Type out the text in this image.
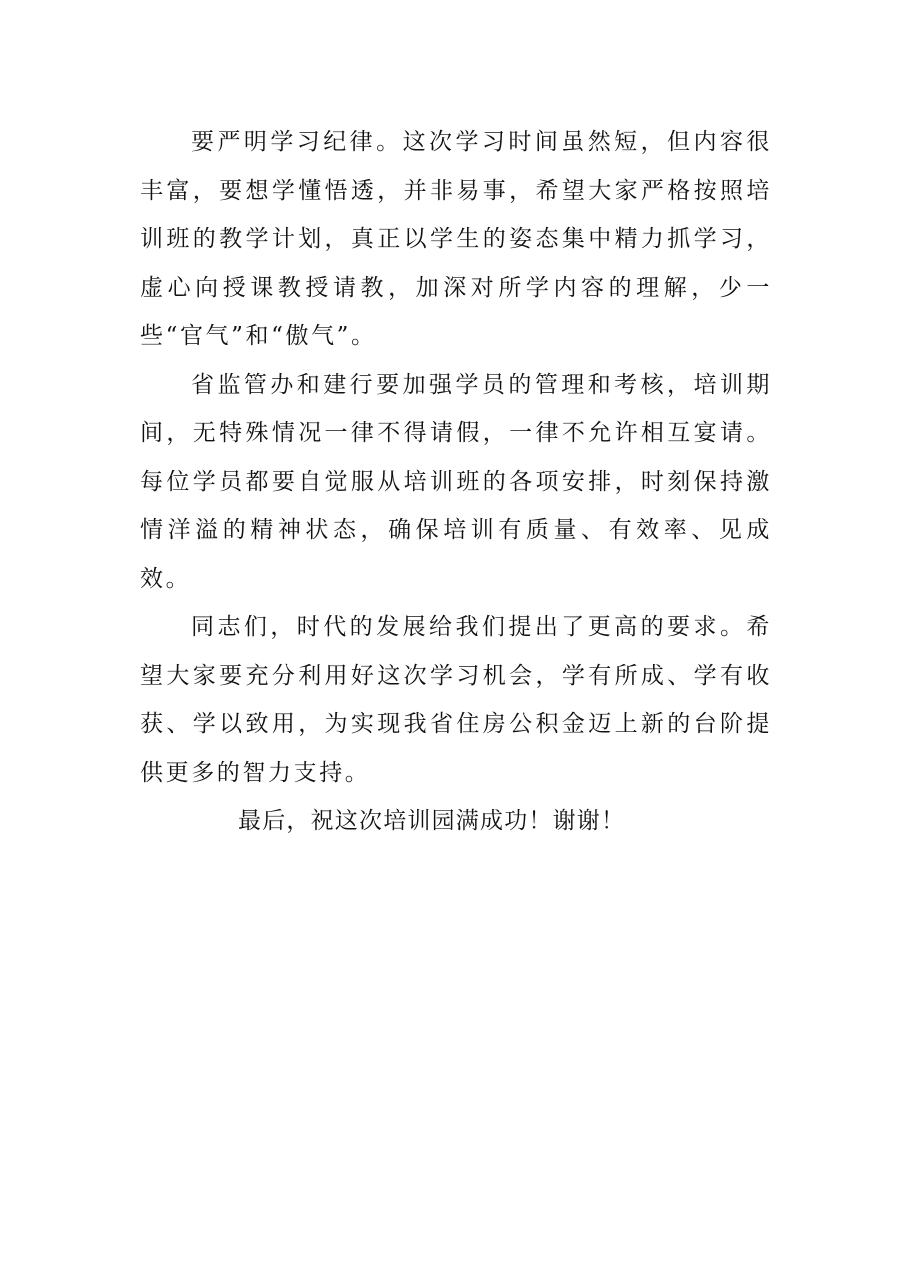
要严明学习纪律。这次学习时间虽然短，但内容很丰富，要想学懂悟透，并非易事，希望大家严格按照培训班的教学计划，真正以学生的姿态集中精力抓学习，虚心向授课教授请教，加深对所学内容的理解，少一些“官气”和“傲气”。

省监管办和建行要加强学员的管理和考核，培训期间，无特殊情况一律不得请假，一律不允许相互宴请。每位学员都要自觉服从培训班的各项安排，时刻保持激情洋溢的精神状态，确保培训有质量、有效率、见成效。

同志们，时代的发展给我们提出了更高的要求。希望大家要充分利用好这次学习机会，学有所成、学有收获、学以致用，为实现我省住房公积金迈上新的台阶提供更多的智力支持。

最后，祝这次培训园满成功！谢谢！
